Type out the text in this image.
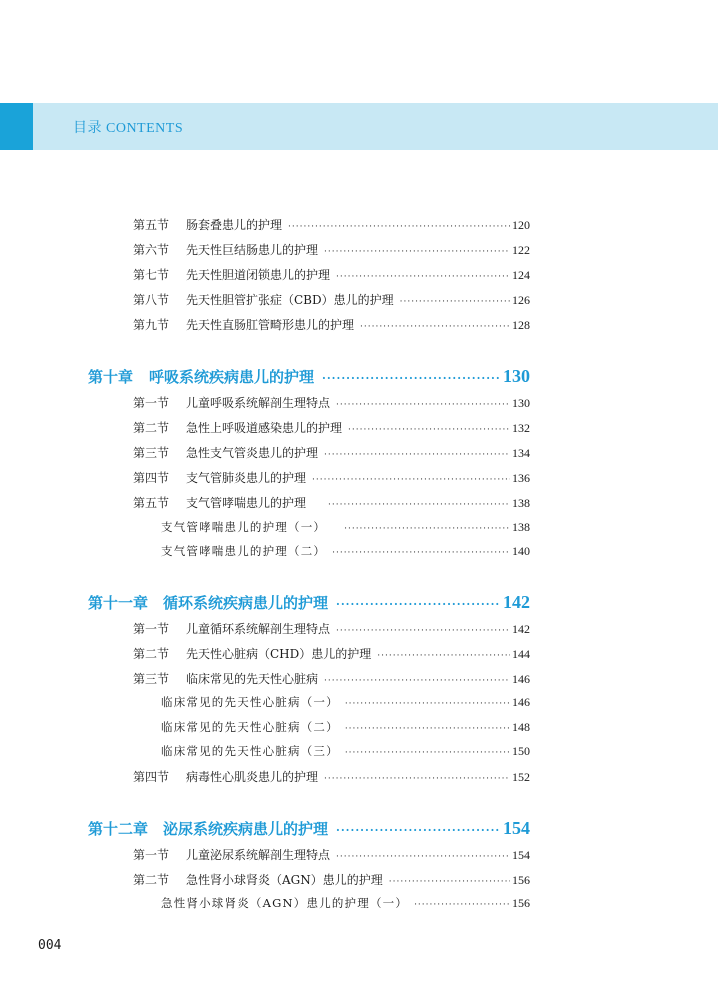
目录 CONTENTS
第五节	肠套叠患儿的护理 ·····	120
第六节	先天性巨结肠患儿的护理 ·····	122
第七节	先天性胆道闭锁患儿的护理 ·····	124
第八节	先天性胆管扩张症（CBD）患儿的护理 ·····	126
第九节	先天性直肠肛管畸形患儿的护理 ·····	128
第十章	呼吸系统疾病患儿的护理 ·····	130
第一节	儿童呼吸系统解剖生理特点 ·····	130
第二节	急性上呼吸道感染患儿的护理 ·····	132
第三节	急性支气管炎患儿的护理 ·····	134
第四节	支气管肺炎患儿的护理 ·····	136
第五节	支气管哮喘患儿的护理 ·····	138
支气管哮喘患儿的护理（一） ·····	138
支气管哮喘患儿的护理（二） ·····	140
第十一章 循环系统疾病患儿的护理 ·····	142
第一节	儿童循环系统解剖生理特点 ·····	142
第二节	先天性心脏病（CHD）患儿的护理 ·····	144
第三节	临床常见的先天性心脏病 ·····	146
临床常见的先天性心脏病（一） ·····	146
临床常见的先天性心脏病（二） ·····	148
临床常见的先天性心脏病（三） ·····	150
第四节	病毒性心肌炎患儿的护理 ·····	152
第十二章 泌尿系统疾病患儿的护理 ·····	154
第一节	儿童泌尿系统解剖生理特点 ·····	154
第二节	急性肾小球肾炎（AGN）患儿的护理 ·····	156
急性肾小球肾炎（AGN）患儿的护理（一） ·····	156
004
